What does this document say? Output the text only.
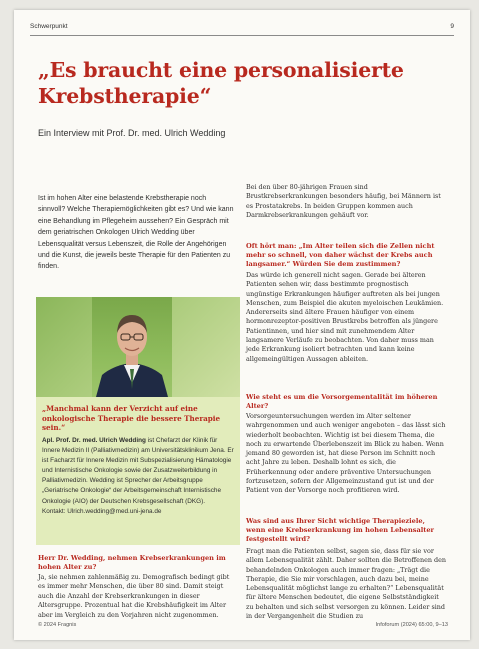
Schwerpunkt	9
„Es braucht eine personalisierte Krebstherapie“
Ein Interview mit Prof. Dr. med. Ulrich Wedding
Ist im hohen Alter eine belastende Krebstherapie noch sinnvoll? Welche Therapiemöglichkeiten gibt es? Und wie kann eine Behandlung im Pflegeheim aussehen? Ein Gespräch mit dem geriatrischen Onkologen Ulrich Wedding über Lebensqualität versus Lebenszeit, die Rolle der Angehörigen und die Kunst, die jeweils beste Therapie für den Patienten zu finden.
„Manchmal kann der Verzicht auf eine onkologische Therapie die bessere Therapie sein.“
Apl. Prof. Dr. med. Ulrich Wedding ist Chefarzt der Klinik für Innere Medizin II (Palliativmedizin) am Universitätsklinikum Jena. Er ist Facharzt für Innere Medizin mit Subspezialisierung Hämatologie und Internistische Onkologie sowie der Zusatzweiterbildung in Palliativmedizin. Wedding ist Sprecher der Arbeitsgruppe „Geriatrische Onkologie“ der Arbeitsgemeinschaft Internistische Onkologie (AIO) der Deutschen Krebsgesellschaft (DKG).
Kontakt: Ulrich.wedding@med.uni-jena.de
Herr Dr. Wedding, nehmen Krebserkrankungen im hohen Alter zu?
Ja, sie nehmen zahlenmäßig zu. Demografisch bedingt gibt es immer mehr Menschen, die über 80 sind. Damit steigt auch die Anzahl der Krebserkrankungen in dieser Altersgruppe. Prozentual hat die Krebshäufigkeit im Alter aber im Vergleich zu den Vorjahren nicht zugenommen.
Bei den über 80-jährigen Frauen sind Brustkrebserkrankungen besonders häufig, bei Männern ist es Prostatakrebs. In beiden Gruppen kommen auch Darmkrebserkrankungen gehäuft vor.
Oft hört man: „Im Alter teilen sich die Zellen nicht mehr so schnell, von daher wächst der Krebs auch langsamer.“ Würden Sie dem zustimmen?
Das würde ich generell nicht sagen. Gerade bei älteren Patienten sehen wir, dass bestimmte prognostisch ungünstige Erkrankungen häufiger auftreten als bei jungen Menschen, zum Beispiel die akuten myeloischen Leukämien. Andererseits sind ältere Frauen häufiger von einem hormonrezeptor-positiven Brustkrebs betroffen als jüngere Patientinnen, und hier sind mit zunehmendem Alter langsamere Verläufe zu beobachten. Von daher muss man jede Erkrankung isoliert betrachten und kann keine allgemeingültigen Aussagen ableiten.
Wie steht es um die Vorsorgementalität im höheren Alter?
Vorsorgeuntersuchungen werden im Alter seltener wahrgenommen und auch weniger angeboten – das lässt sich wiederholt beobachten. Wichtig ist bei diesem Thema, die noch zu erwartende Überlebenszeit im Blick zu haben. Wenn jemand 80 geworden ist, hat diese Person im Schnitt noch acht Jahre zu leben. Deshalb lohnt es sich, die Früherkennung oder andere präventive Untersuchungen fortzusetzen, sofern der Allgemeinzustand gut ist und der Patient von der Vorsorge noch profitieren wird.
Was sind aus Ihrer Sicht wichtige Therapieziele, wenn eine Krebserkrankung im hohen Lebensalter festgestellt wird?
Fragt man die Patienten selbst, sagen sie, dass für sie vor allem Lebensqualität zählt. Daher sollten die Betroffenen den behandelnden Onkologen auch immer fragen: „Trägt die Therapie, die Sie mir vorschlagen, auch dazu bei, meine Lebensqualität möglichst lange zu erhalten?“ Lebensqualität für ältere Menschen bedeutet, die eigene Selbstständigkeit zu behalten und sich selbst versorgen zu können. Leider sind in der Vergangenheit die Studien zu
© 2024 Fragnis	Infoforum (2024) 65:00, 9–13
